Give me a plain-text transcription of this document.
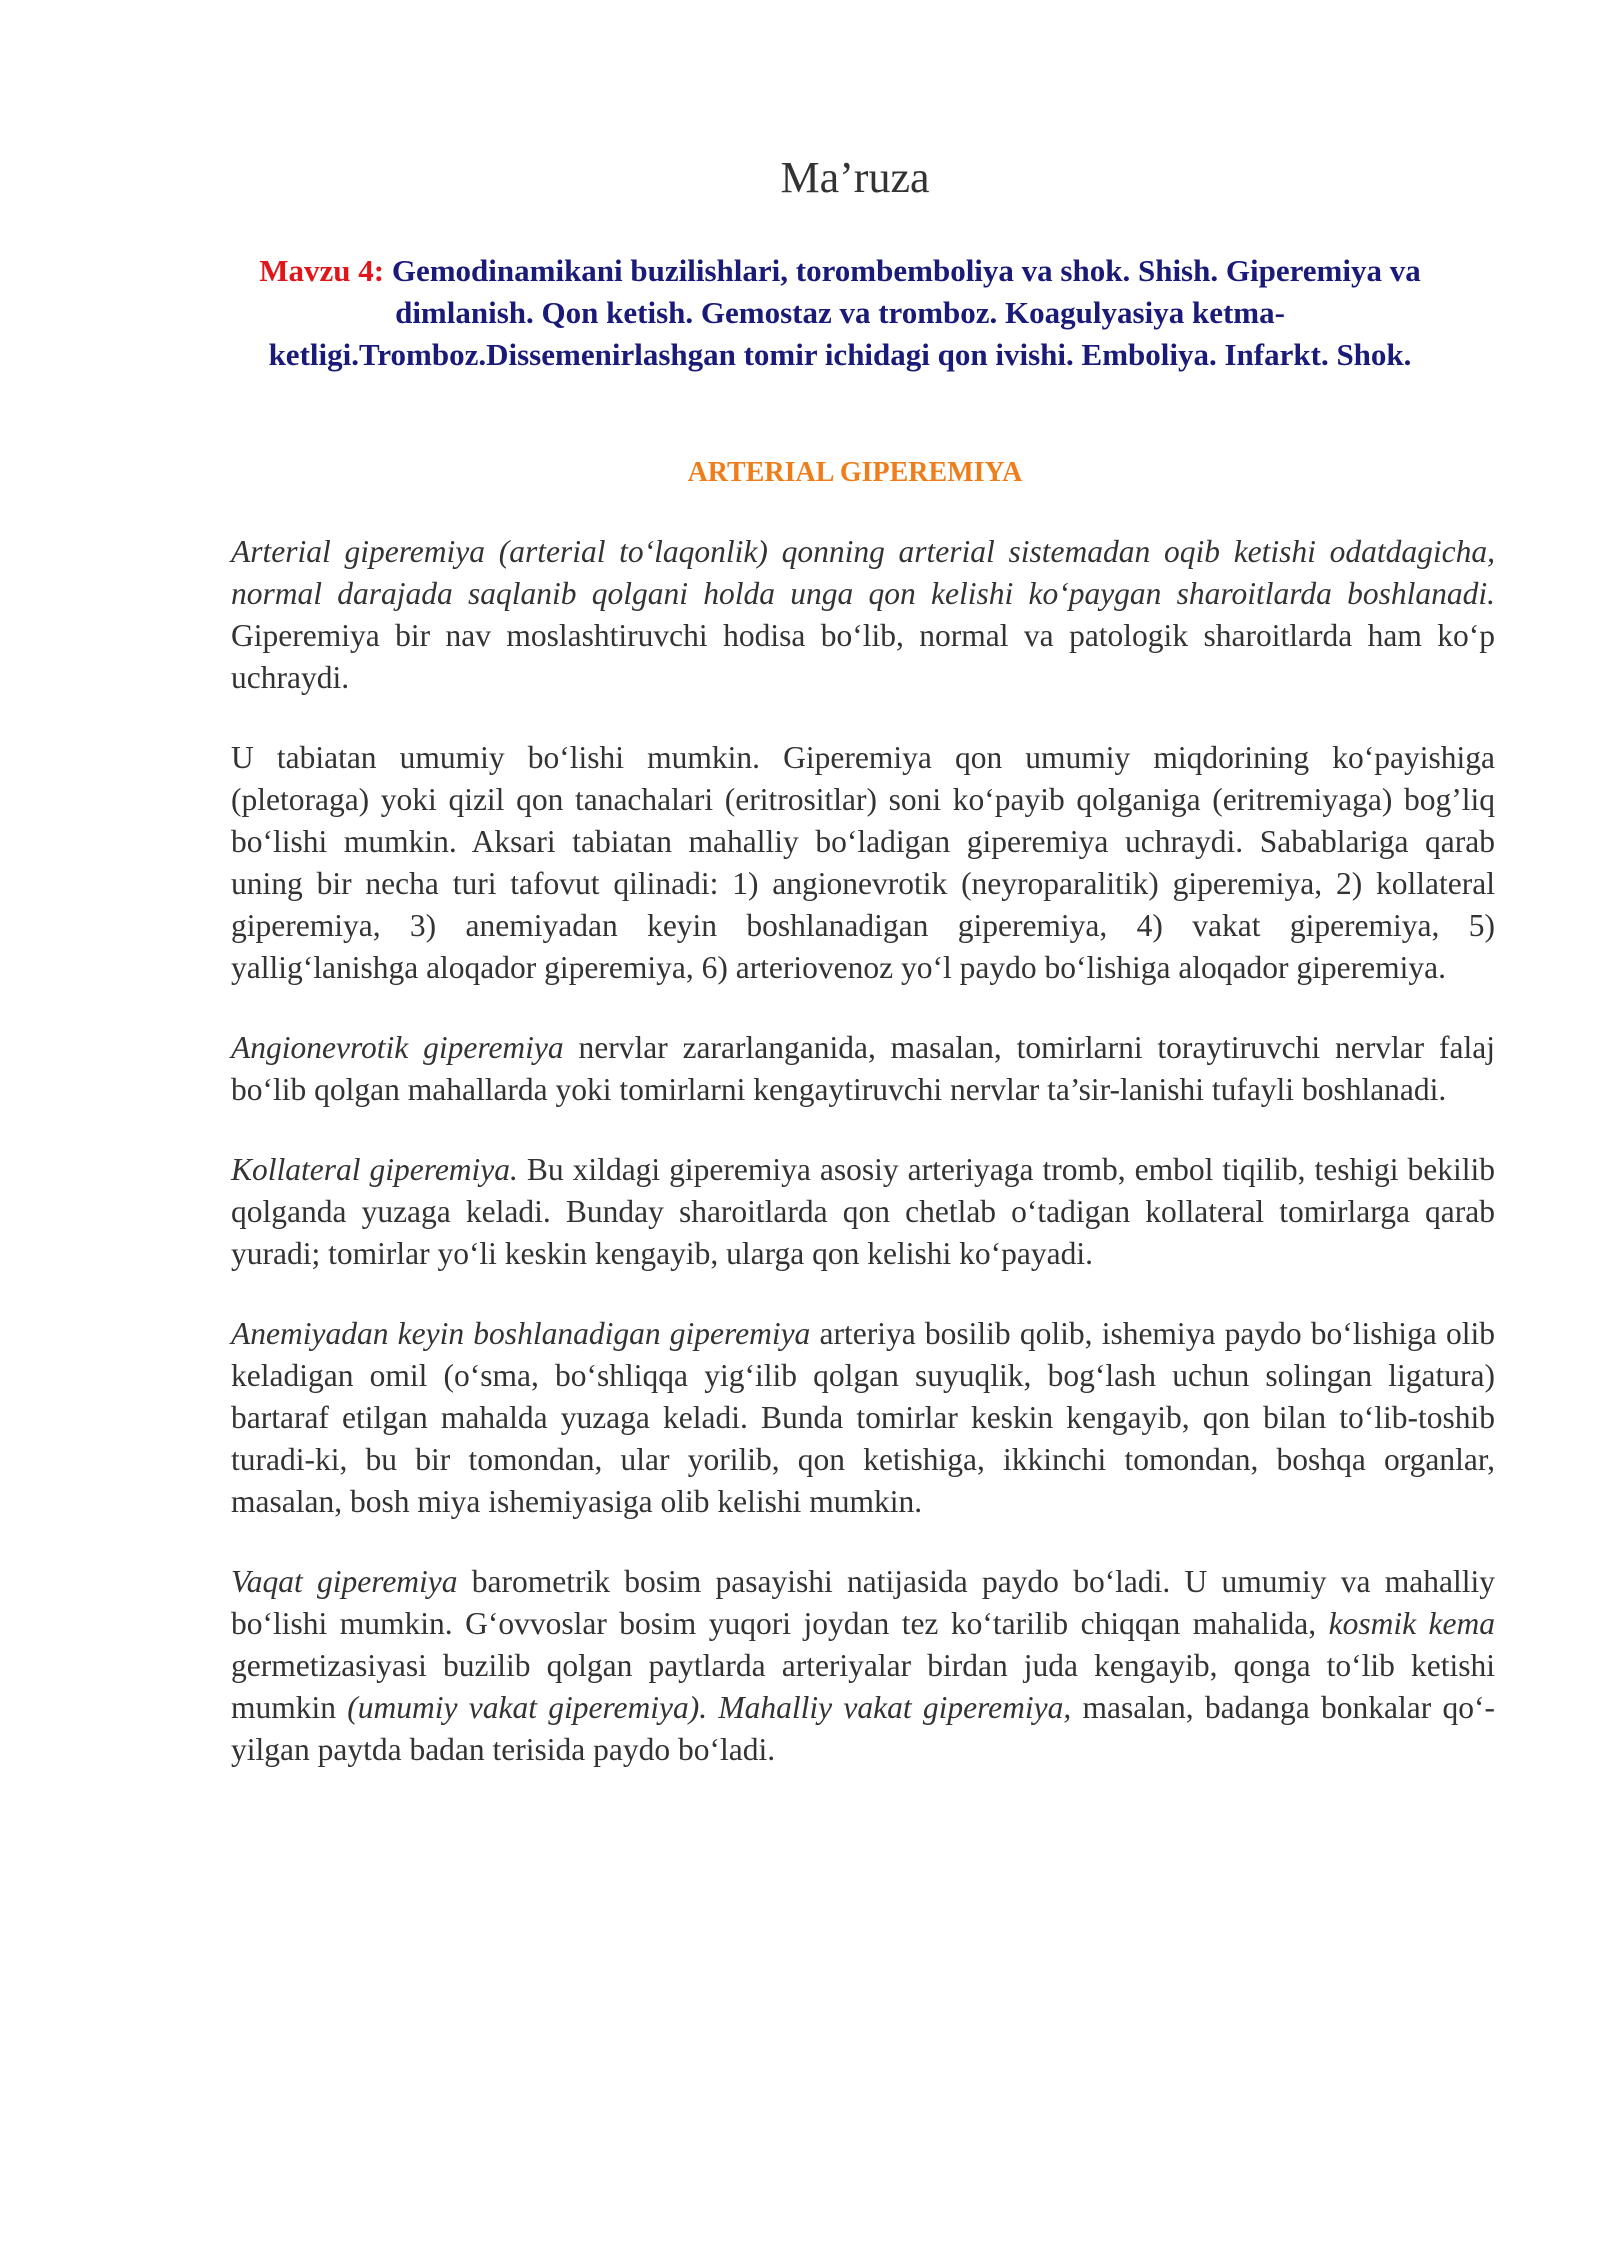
Ma’ruza
Mavzu 4: Gemodinamikani buzilishlari, torombemboliya va shok. Shish. Giperemiya va dimlanish. Qon ketish. Gemostaz va tromboz. Koagulyasiya ketma-ketligi.Tromboz.Dissemenirlashgan tomir ichidagi qon ivishi. Emboliya. Infarkt. Shok.
ARTERIAL GIPEREMIYA

Arterial giperemiya (arterial toʻlaqonlik) qonning arterial sistemadan oqib ketishi odatdagicha, normal darajada saqlanib qolgani holda unga qon kelishi koʻpaygan sharoitlarda boshlanadi. Giperemiya bir nav moslashtiruvchi hodisa boʻlib, normal va patologik sharoitlarda ham koʻp uchraydi.

U tabiatan umumiy boʻlishi mumkin. Giperemiya qon umumiy miqdorining koʻpayishiga (pletoraga) yoki qizil qon tanachalari (eritrositlar) soni koʻpayib qolganiga (eritremiyaga) bog’liq boʻlishi mumkin. Aksari tabiatan mahalliy boʻladigan giperemiya uchraydi. Sabablariga qarab uning bir necha turi tafovut qilinadi: 1) angionevrotik (neyroparalitik) giperemiya, 2) kollateral giperemiya, 3) anemiyadan keyin boshlanadigan giperemiya, 4) vakat giperemiya, 5) yalligʻlanishga aloqador giperemiya, 6) arteriovenoz yoʻl paydo boʻlishiga aloqador giperemiya.

Angionevrotik giperemiya nervlar zararlanganida, masalan, tomirlarni toraytiruvchi nervlar falaj boʻlib qolgan mahallarda yoki tomirlarni kengaytiruvchi nervlar ta’sir-lanishi tufayli boshlanadi.

Kollateral giperemiya. Bu xildagi giperemiya asosiy arteriyaga tromb, embol tiqilib, teshigi bekilib qolganda yuzaga keladi. Bunday sharoitlarda qon chetlab oʻtadigan kollateral tomirlarga qarab yuradi; tomirlar yoʻli keskin kengayib, ularga qon kelishi koʻpayadi.

Anemiyadan keyin boshlanadigan giperemiya arteriya bosilib qolib, ishemiya paydo boʻlishiga olib keladigan omil (oʻsma, boʻshliqqa yigʻilib qolgan suyuqlik, bogʻlash uchun solingan ligatura) bartaraf etilgan mahalda yuzaga keladi. Bunda tomirlar keskin kengayib, qon bilan toʻlib-toshib turadi-ki, bu bir tomondan, ular yorilib, qon ketishiga, ikkinchi tomondan, boshqa organlar, masalan, bosh miya ishemiyasiga olib kelishi mumkin.

Vaqat giperemiya barometrik bosim pasayishi natijasida paydo boʻladi. U umumiy va mahalliy boʻlishi mumkin. Gʻovvoslar bosim yuqori joydan tez koʻtarilib chiqqan mahalida, kosmik kema germetizasiyasi buzilib qolgan paytlarda arteriyalar birdan juda kengayib, qonga toʻlib ketishi mumkin (umumiy vakat giperemiya). Mahalliy vakat giperemiya, masalan, badanga bonkalar qoʻ-yilgan paytda badan terisida paydo boʻladi.
